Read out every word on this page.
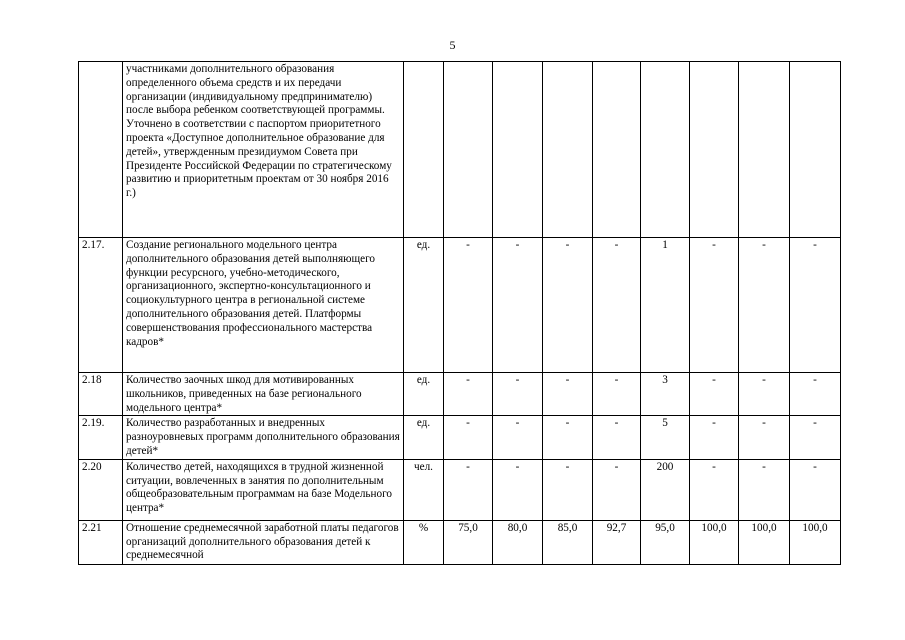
5
	участниками дополнительного образования определенного объема средств и их передачи организации (индивидуальному предпринимателю) после выбора ребенком соответствующей программы. Уточнено в соответствии с паспортом приоритетного проекта «Доступное дополнительное образование для детей», утвержденным президиумом Совета при Президенте Российской Федерации по стратегическому развитию и приоритетным проектам от 30 ноября 2016 г.)									
2.17.	Создание регионального модельного центра дополнительного образования детей выполняющего функции ресурсного, учебно-методического, организационного, экспертно-консультационного и социокультурного центра в региональной системе дополнительного образования детей. Платформы совершенствования профессионального мастерства кадров*	ед.	-	-	-	-	1	-	-	-
2.18	Количество заочных шкод для мотивированных школьников, приведенных на базе регионального модельного центра*	ед.	-	-	-	-	3	-	-	-
2.19.	Количество разработанных и внедренных разноуровневых программ дополнительного образования детей*	ед.	-	-	-	-	5	-	-	-
2.20	Количество детей, находящихся в трудной жизненной ситуации, вовлеченных в занятия по дополнительным общеобразовательным программам на базе Модельного центра*	чел.	-	-	-	-	200	-	-	-
2.21	Отношение среднемесячной заработной платы педагогов организаций дополнительного образования детей к среднемесячной	%	75,0	80,0	85,0	92,7	95,0	100,0	100,0	100,0
